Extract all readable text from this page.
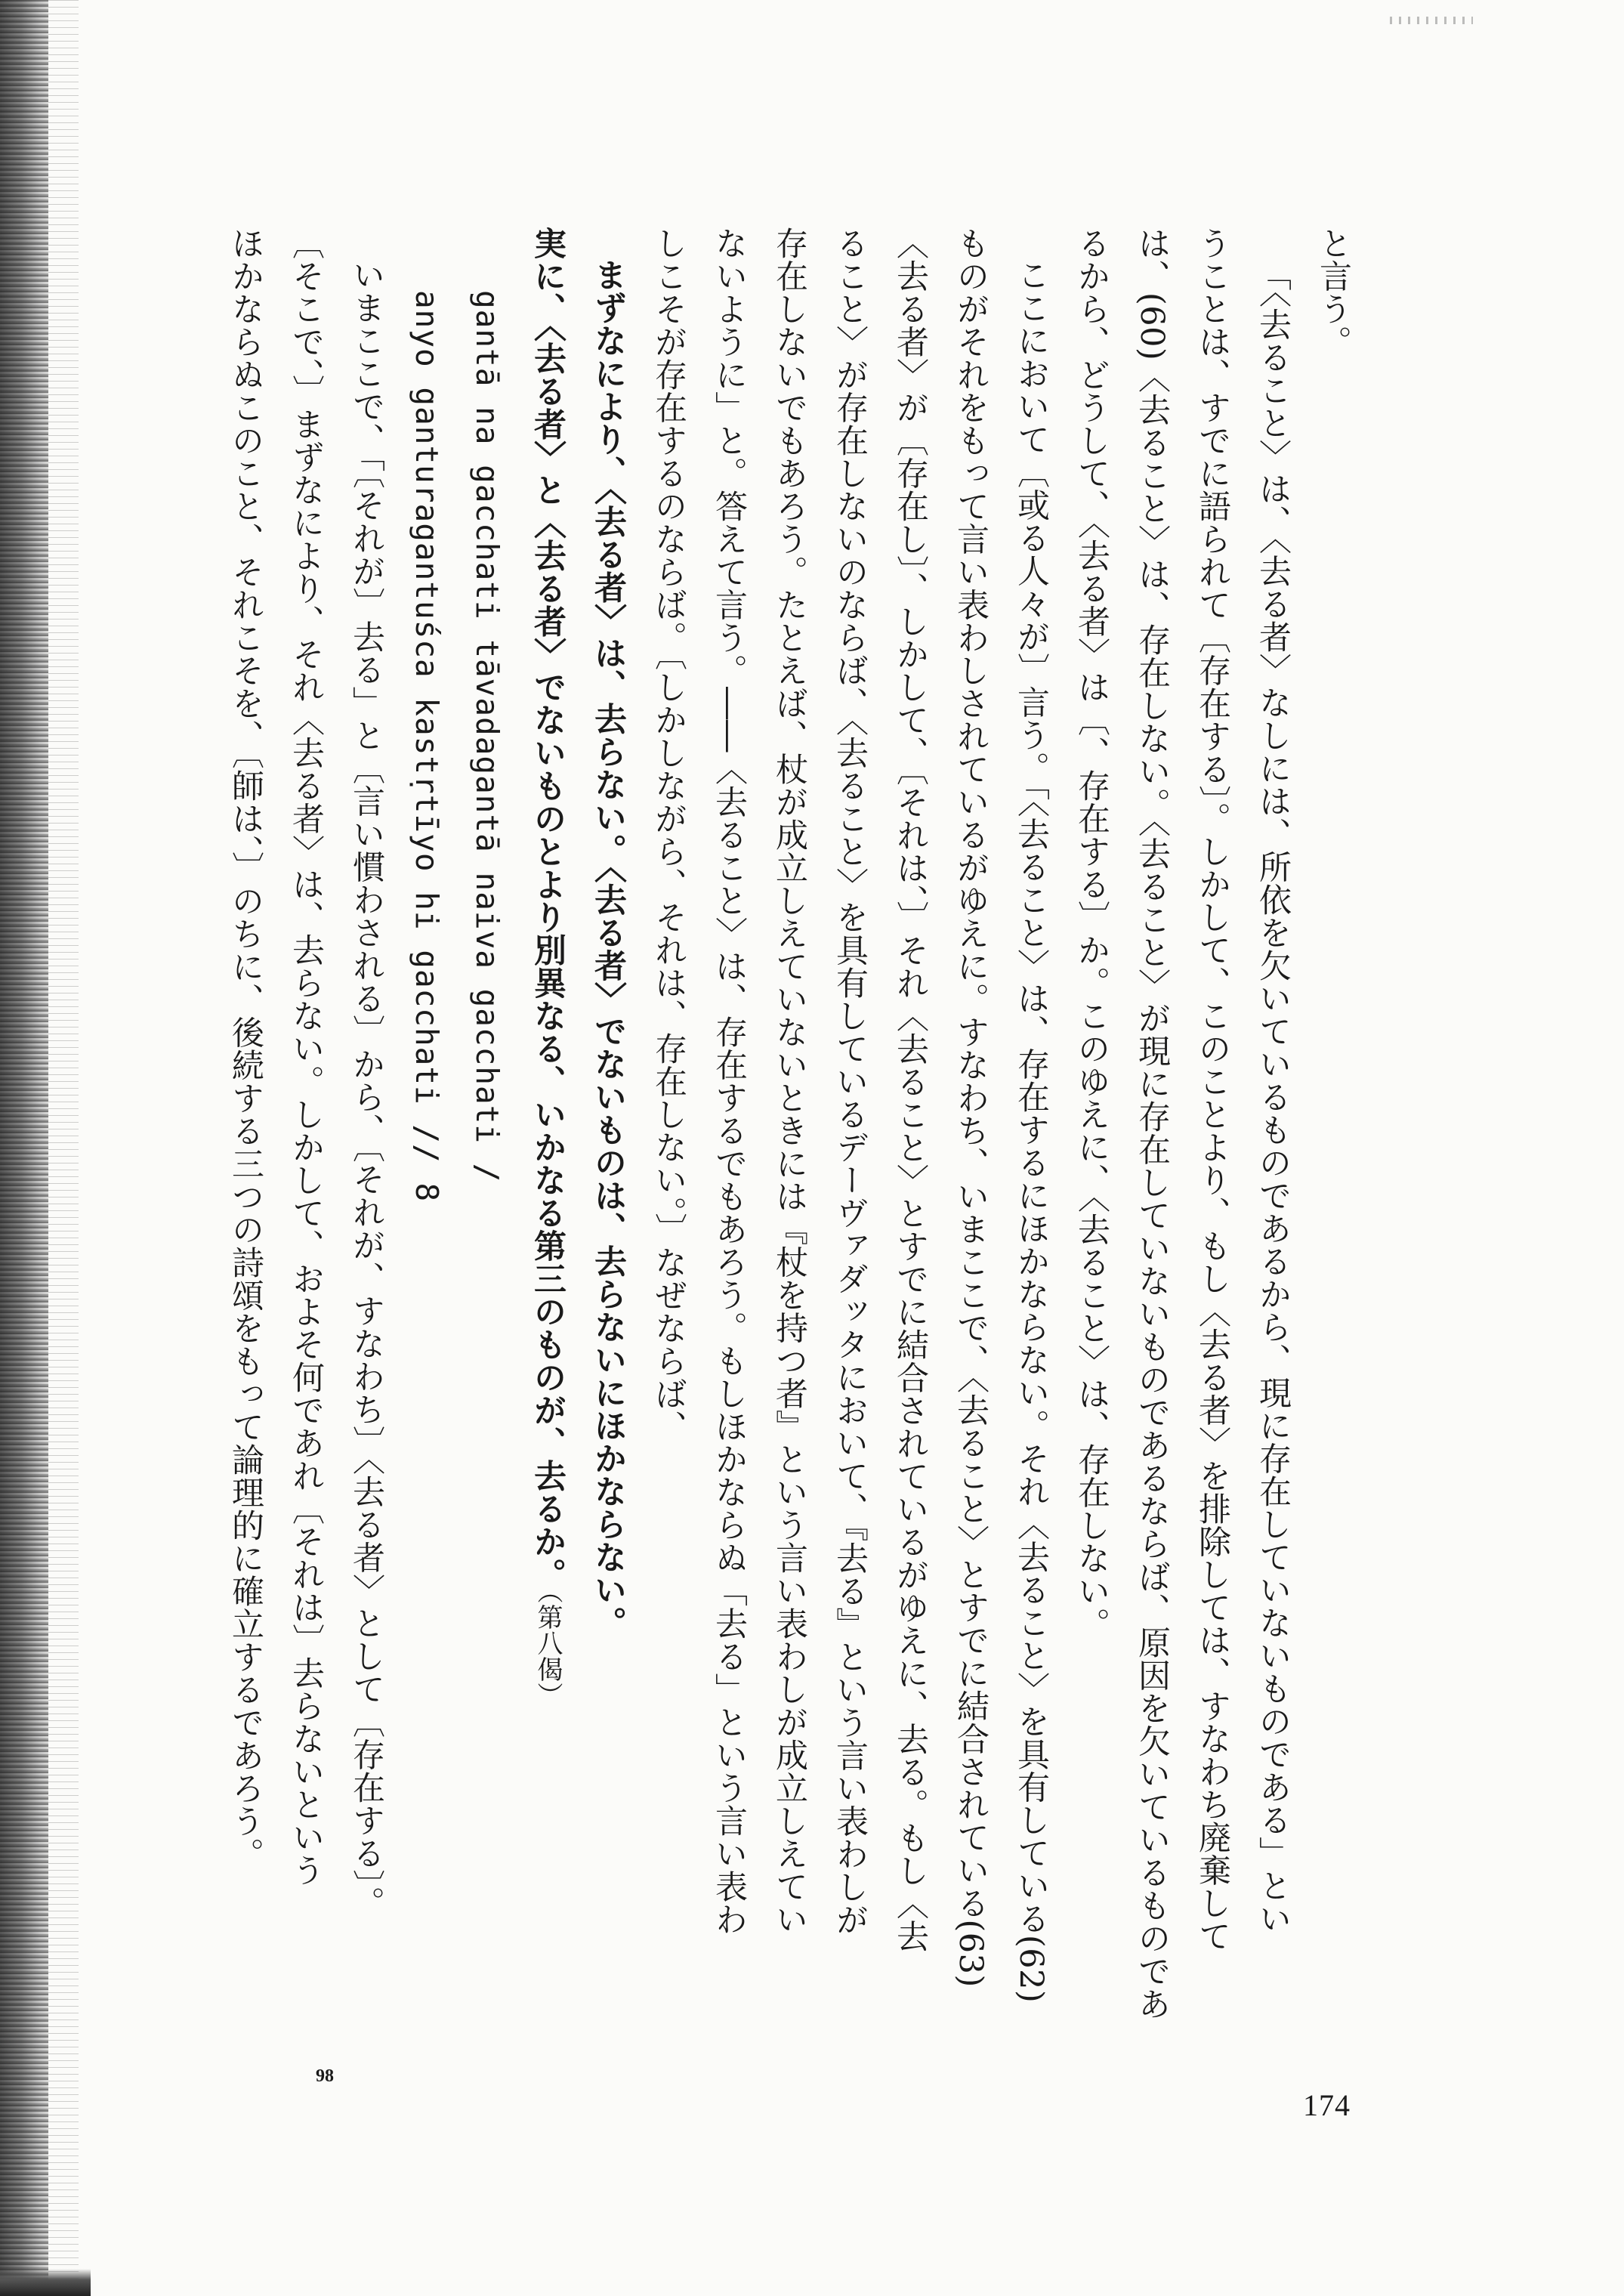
と言う。
「〈去ること〉は、〈去る者〉なしには、所依を欠いているものであるから、現に存在していないものである」とい
うことは、すでに語られて〔存在する〕。しかして、このことより、もし〈去る者〉を排除しては、すなわち廃棄して
は、(60)〈去ること〉は、存在しない。〈去ること〉が現に存在していないものであるならば、原因を欠いているものであ
るから、どうして、〈去る者〉は〔、存在する〕か。このゆえに、〈去ること〉は、存在しない。
ここにおいて〔或る人々が〕言う。「〈去ること〉は、存在するにほかならない。それ〈去ること〉を具有している(62)
ものがそれをもって言い表わしされているがゆえに。すなわち、いまここで、〈去ること〉とすでに結合されている(63)
〈去る者〉が〔存在し〕、しかして、〔それは、〕それ〈去ること〉とすでに結合されているがゆえに、去る。もし〈去
ること〉が存在しないのならば、〈去ること〉を具有しているデーヴァダッタにおいて、『去る』という言い表わしが
存在しないでもあろう。たとえば、杖が成立しえていないときには『杖を持つ者』という言い表わしが成立しえてい
ないように」と。答えて言う。――〈去ること〉は、存在するでもあろう。もしほかならぬ「去る」という言い表わ
しこそが存在するのならば。〔しかしながら、それは、存在しない。〕なぜならば、
まずなにより、〈去る者〉は、去らない。〈去る者〉でないものは、去らないにほかならない。
実に、〈去る者〉と〈去る者〉でないものとより別異なる、いかなる第三のものが、去るか。（第八偈）
gantā na gacchati tāvadagantā naiva gacchati /
anyo ganturagantuśca kastṛtīyo hi gacchati // 8
いまここで、「〔それが〕去る」と〔言い慣わされる〕から、〔それが、すなわち〕〈去る者〉として〔存在する〕。
〔そこで、〕まずなにより、それ〈去る者〉は、去らない。しかして、およそ何であれ〔それは〕去らないという
ほかならぬこのこと、それこそを、〔師は、〕のちに、後続する三つの詩頌をもって論理的に確立するであろう。
174
98
